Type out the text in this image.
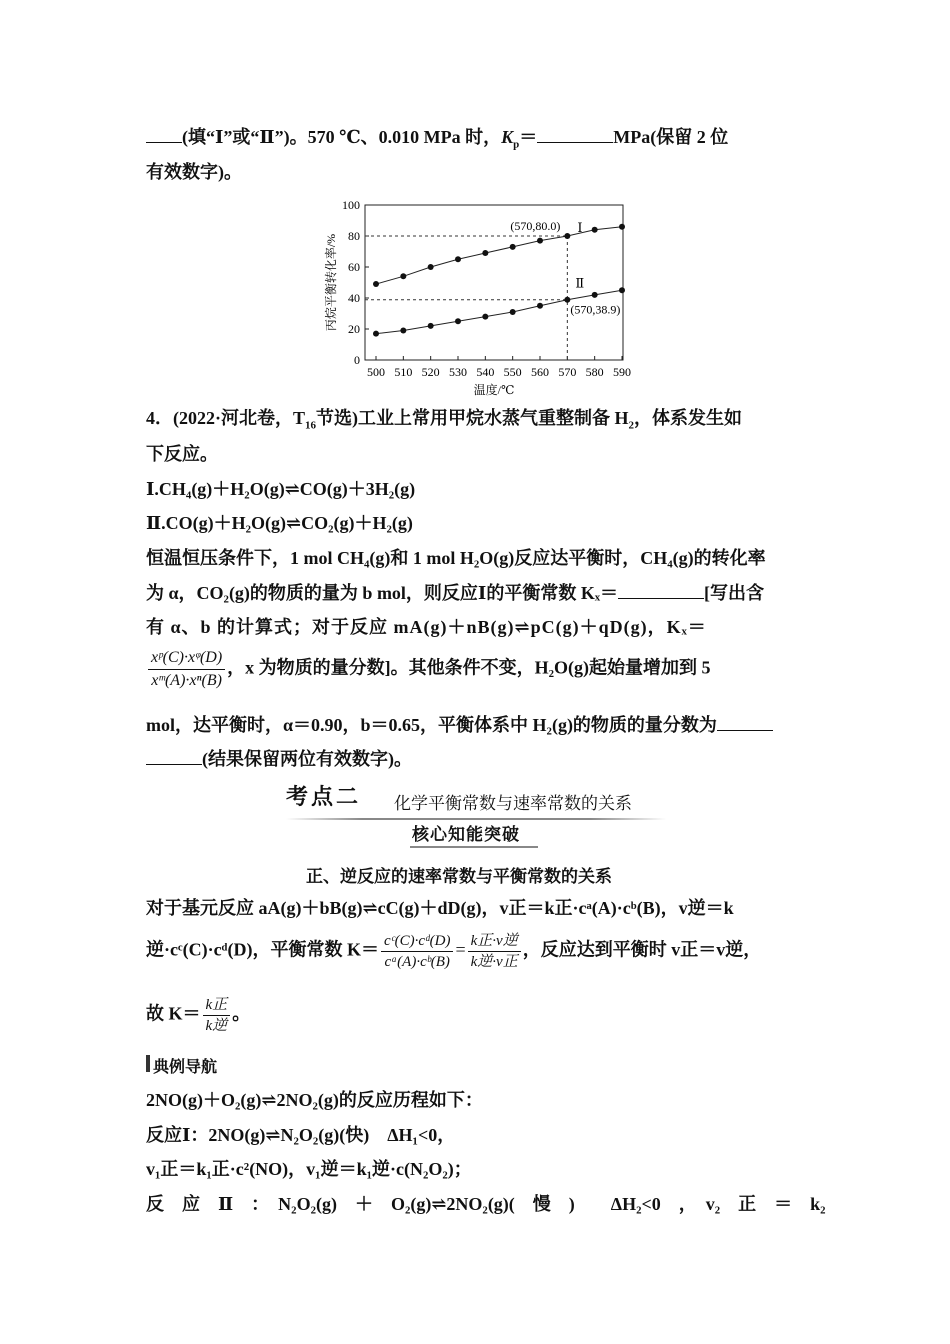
(填“Ⅰ”或“Ⅱ”)。570 ℃、0.010 MPa 时，$K_p=$	MPa(保留 2 位
有效数字)。
0
20
40
60
80
100
500 510 520 530 540 550 560 570 580 590
温度/℃
丙烷平衡转化率/%
Ⅰ
Ⅱ
(570,80.0)
(570,38.9)
4．(2022·河北卷，$T_{16}$节选)工业上常用甲烷水蒸气重整制备 $H_2$，体系发生如
下反应。
Ⅰ.CH₄(g)＋H₂O(g)⇌CO(g)＋3H₂(g)
Ⅱ.CO(g)＋H₂O(g)⇌CO₂(g)＋H₂(g)
恒温恒压条件下，1 mol CH₄(g)和 1 mol H₂O(g)反应达平衡时，CH₄(g)的转化率
为 α，CO₂(g)的物质的量为 b mol，则反应Ⅰ的平衡常数 Kₓ＝	[写出含
有 α、b 的计算式；对于反应 mA(g)＋nB(g)⇌pC(g)＋qD(g)，Kₓ＝
$\frac{\text{xᵖ(C)·xᵠ(D)}}{\text{xᵐ(A)·xⁿ(B)}}$ ，x 为物质的量分数]。其他条件不变，H₂O(g)起始量增加到 5
mol，达平衡时，α＝0.90，b＝0.65，平衡体系中 H₂(g)的物质的量分数为
(结果保留两位有效数字)。
考点二 化学平衡常数与速率常数的关系
核心知能突破
正、逆反应的速率常数与平衡常数的关系
对于基元反应 aA(g)＋bB(g)⇌cC(g)＋dD(g)，v正＝k正·cᵃ(A)·cᵇ(B)，v逆＝k
逆·cᶜ(C)·cᵈ(D)，平衡常数 $K= \frac{\text{cᶜ(C)·cᵈ(D)}}{\text{cᵃ(A)·cᵇ(B)}} = \frac{\text{k正·v逆}}{\text{k逆·v正}}$ ，反应达到平衡时 v正＝v逆，
故 $K= \frac{\text{k正}}{\text{k逆}}$ 。
典例导航
2NO(g)＋O₂(g)⇌2NO₂(g)的反应历程如下：
反应Ⅰ：2NO(g)⇌N₂O₂(g)(快)　ΔH₁<0，
v₁正＝k₁正·c²(NO)，v₁逆＝k₁逆·c(N₂O₂)；
反　应　Ⅱ　：　N₂O₂(g)　＋　O₂(g)⇌2NO₂(g)(　慢　)　　ΔH₂<0　，　v₂　正　＝　k₂
